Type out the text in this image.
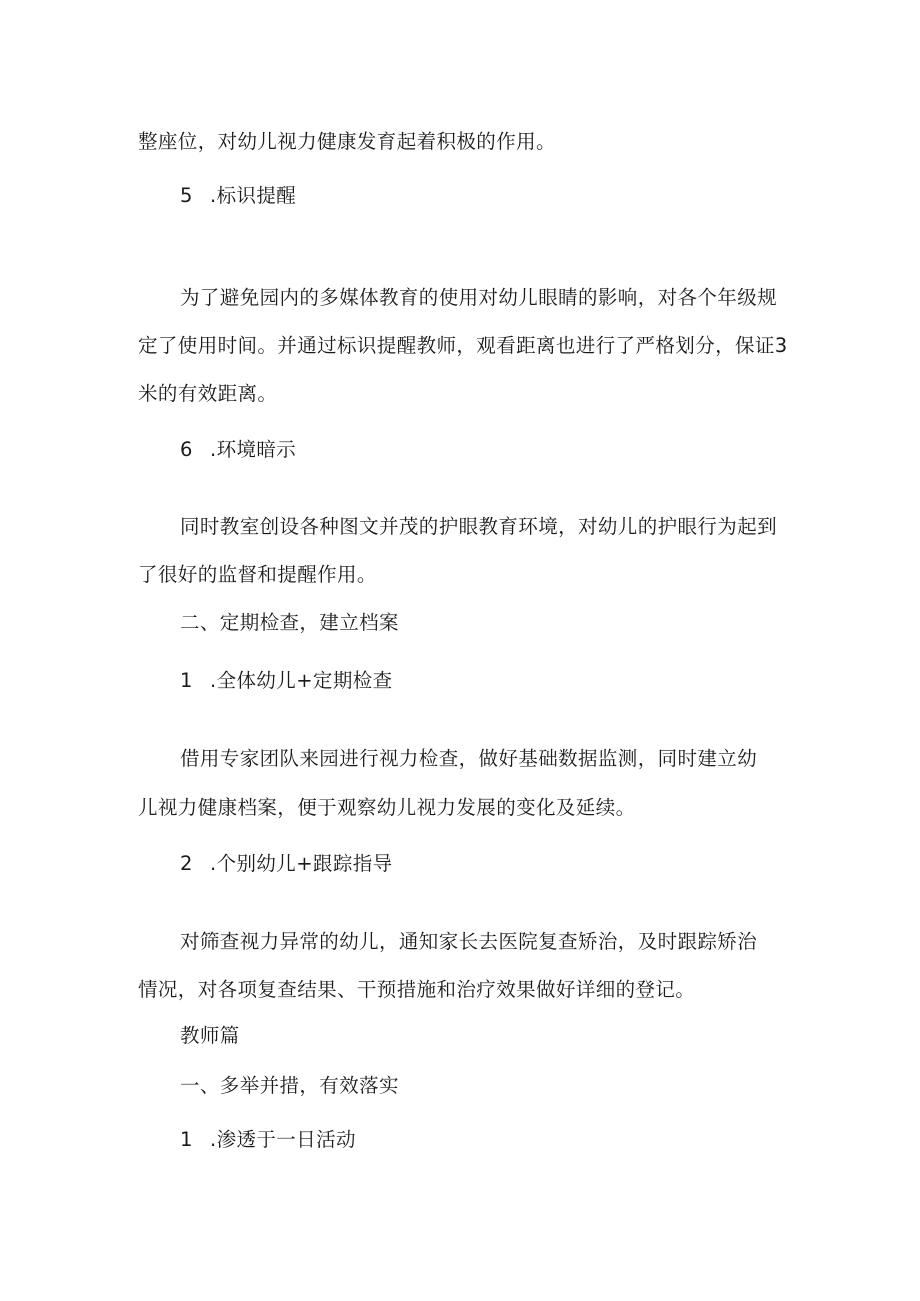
整座位，对幼儿视力健康发育起着积极的作用。
5 .标识提醒
为了避免园内的多媒体教育的使用对幼儿眼睛的影响，对各个年级规
定了使用时间。并通过标识提醒教师，观看距离也进行了严格划分，保证3
米的有效距离。
6 .环境暗示
同时教室创设各种图文并茂的护眼教育环境，对幼儿的护眼行为起到
了很好的监督和提醒作用。
二、定期检查，建立档案
1 .全体幼儿+定期检查
借用专家团队来园进行视力检查，做好基础数据监测，同时建立幼
儿视力健康档案，便于观察幼儿视力发展的变化及延续。
2 .个别幼儿+跟踪指导
对筛查视力异常的幼儿，通知家长去医院复查矫治，及时跟踪矫治
情况，对各项复查结果、干预措施和治疗效果做好详细的登记。
教师篇
一、多举并措，有效落实
1 .渗透于一日活动
